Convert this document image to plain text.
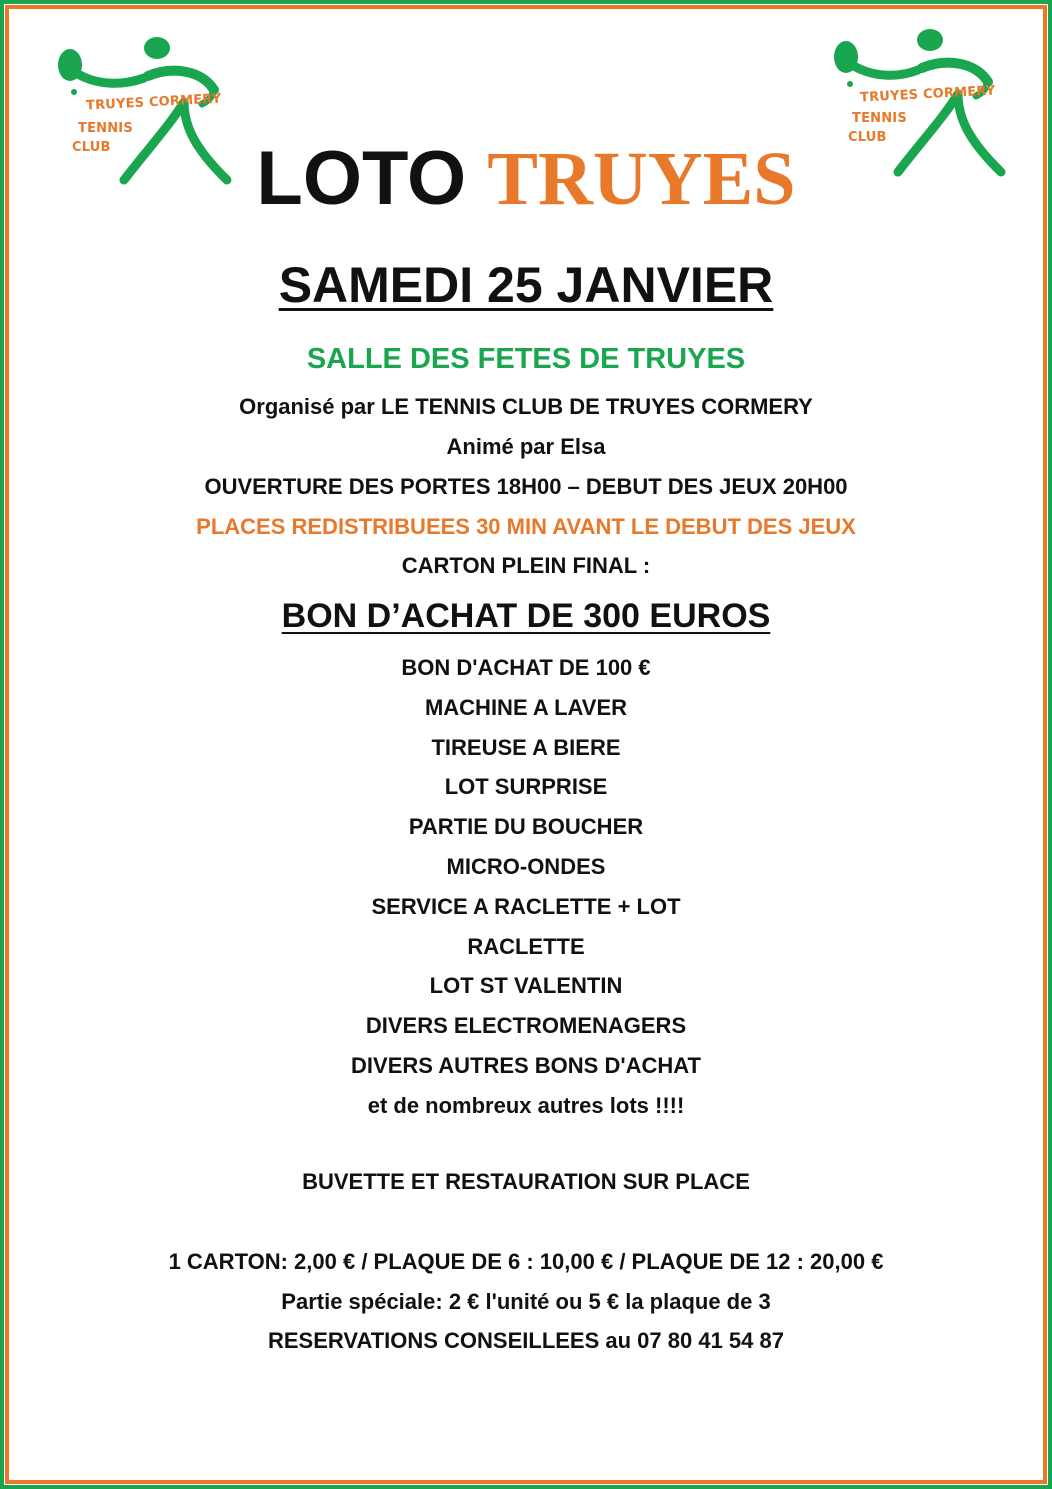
TRUYES CORMERY
TENNIS
CLUB
TRUYES CORMERY
TENNIS
CLUB
LOTO TRUYES
SAMEDI 25 JANVIER
SALLE DES FETES DE TRUYES
Organisé par LE TENNIS CLUB DE TRUYES CORMERY
Animé par Elsa
OUVERTURE DES PORTES 18H00 – DEBUT DES JEUX 20H00
PLACES REDISTRIBUEES 30 MIN AVANT LE DEBUT DES JEUX
CARTON PLEIN FINAL :
BON D’ACHAT DE 300 EUROS
BON D'ACHAT DE 100 €
MACHINE A LAVER
TIREUSE A BIERE
LOT SURPRISE
PARTIE DU BOUCHER
MICRO-ONDES
SERVICE A RACLETTE + LOT
RACLETTE
LOT ST VALENTIN
DIVERS ELECTROMENAGERS
DIVERS AUTRES BONS D'ACHAT
et de nombreux autres lots !!!!
BUVETTE ET RESTAURATION SUR PLACE
1 CARTON: 2,00 € / PLAQUE DE 6 : 10,00 € / PLAQUE DE 12 : 20,00 €
Partie spéciale: 2 € l'unité ou 5 € la plaque de 3
RESERVATIONS CONSEILLEES au 07 80 41 54 87
